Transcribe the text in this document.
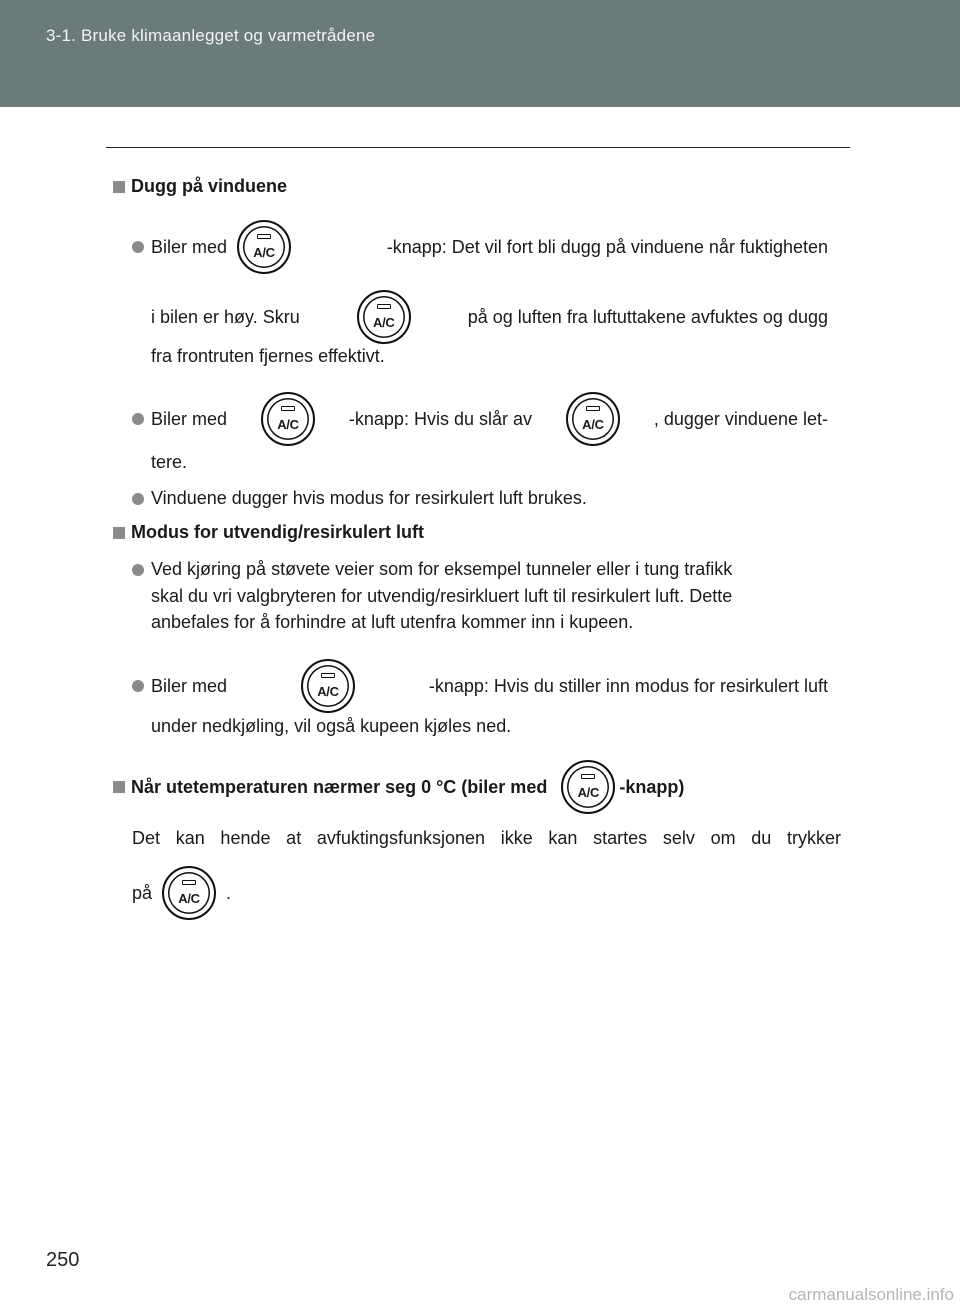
3-1. Bruke klimaanlegget og varmetrådene
Dugg på vinduene
Biler med A/C	-knapp: Det vil fort bli dugg på vinduene når fuktigheten
i bilen er høy. Skru	A/C	på og luften fra luftuttakene avfuktes og dugg
fra frontruten fjernes effektivt.
Biler med	A/C	-knapp: Hvis du slår av	A/C	, dugger vinduene let-
tere.
Vinduene dugger hvis modus for resirkulert luft brukes.
Modus for utvendig/resirkulert luft
Ved kjøring på støvete veier som for eksempel tunneler eller i tung trafikk
skal du vri valgbryteren for utvendig/resirkluert luft til resirkulert luft. Dette
anbefales for å forhindre at luft utenfra kommer inn i kupeen.
Biler med	A/C	-knapp: Hvis du stiller inn modus for resirkulert luft
under nedkjøling, vil også kupeen kjøles ned.
Når utetemperaturen nærmer seg 0 °C (biler med A/C -knapp)
Det kan hende at avfuktingsfunksjonen ikke kan startes selv om du trykker
på A/C .
250
carmanualsonline.info
